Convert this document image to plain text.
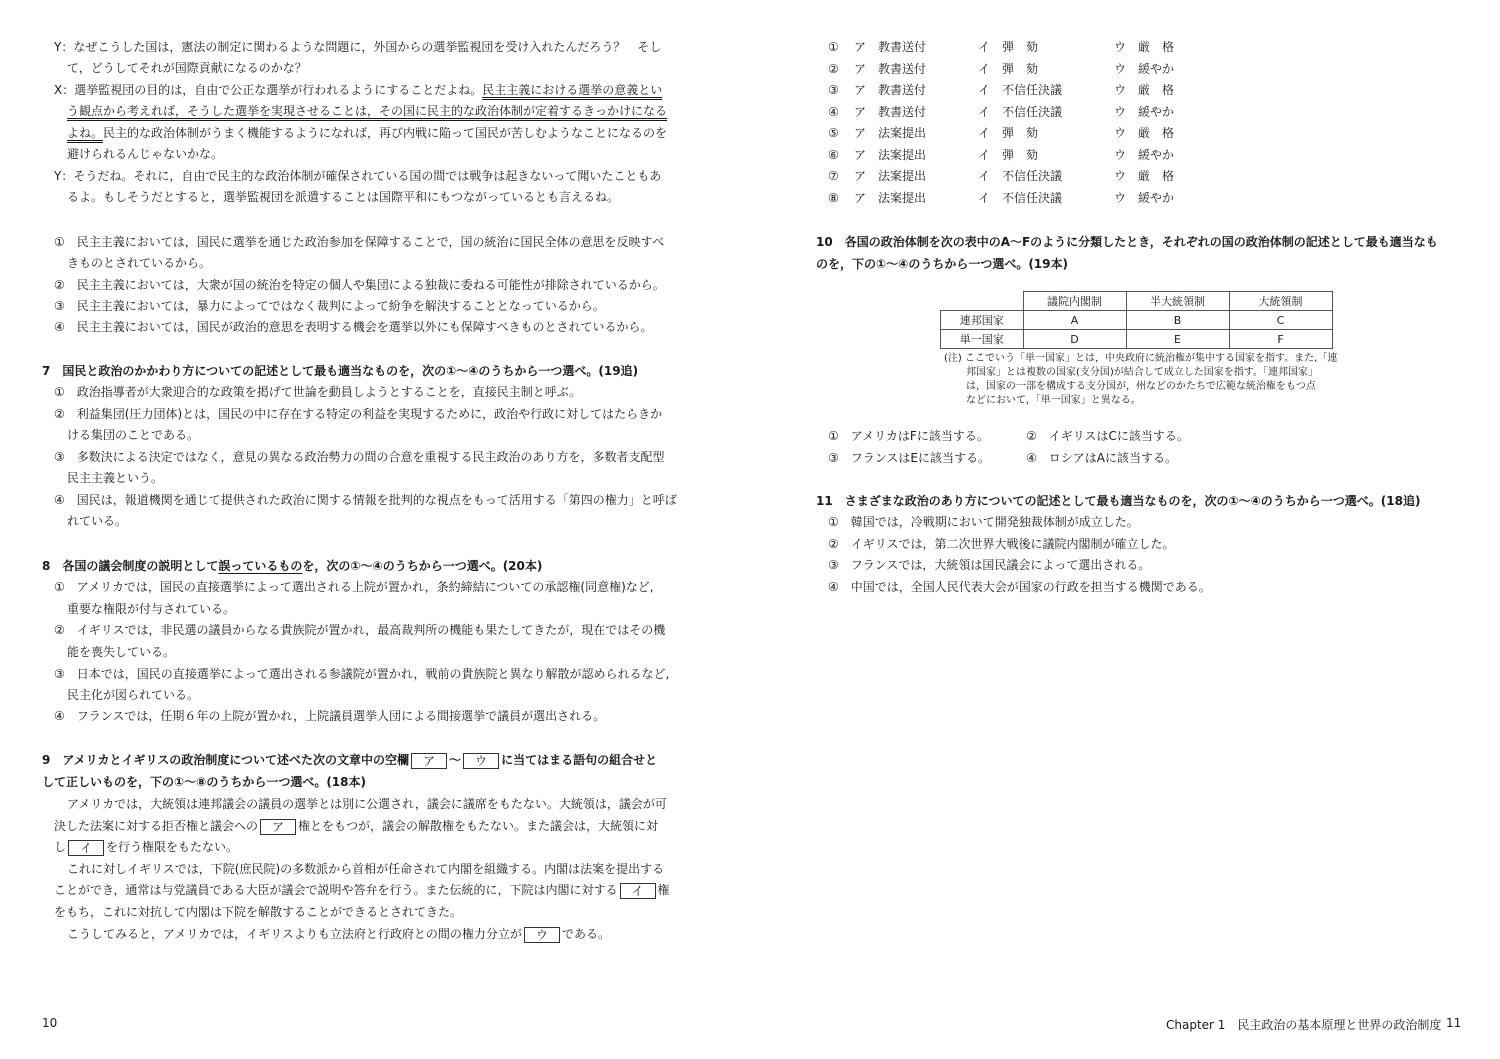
Y：なぜこうした国は，憲法の制定に関わるような問題に，外国からの選挙監視団を受け入れたんだろう？　そし
て，どうしてそれが国際貢献になるのかな？
X：選挙監視団の目的は，自由で公正な選挙が行われるようにすることだよね。民主主義における選挙の意義とい
う観点から考えれば，そうした選挙を実現させることは，その国に民主的な政治体制が定着するきっかけになる
よね。民主的な政治体制がうまく機能するようになれば，再び内戦に陥って国民が苦しむようなことになるのを
避けられるんじゃないかな。
Y：そうだね。それに，自由で民主的な政治体制が確保されている国の間では戦争は起きないって聞いたこともあ
るよ。もしそうだとすると，選挙監視団を派遣することは国際平和にもつながっているとも言えるね。
①　民主主義においては，国民に選挙を通じた政治参加を保障することで，国の統治に国民全体の意思を反映すべ
きものとされているから。
②　民主主義においては，大衆が国の統治を特定の個人や集団による独裁に委ねる可能性が排除されているから。
③　民主主義においては，暴力によってではなく裁判によって紛争を解決することとなっているから。
④　民主主義においては，国民が政治的意思を表明する機会を選挙以外にも保障すべきものとされているから。
7　国民と政治のかかわり方についての記述として最も適当なものを，次の①〜④のうちから一つ選べ。(19追)
①　政治指導者が大衆迎合的な政策を掲げて世論を動員しようとすることを，直接民主制と呼ぶ。
②　利益集団(圧力団体)とは，国民の中に存在する特定の利益を実現するために，政治や行政に対してはたらきか
ける集団のことである。
③　多数決による決定ではなく，意見の異なる政治勢力の間の合意を重視する民主政治のあり方を，多数者支配型
民主主義という。
④　国民は，報道機関を通じて提供された政治に関する情報を批判的な視点をもって活用する「第四の権力」と呼ば
れている。
8　各国の議会制度の説明として誤っているものを，次の①〜④のうちから一つ選べ。(20本)
①　アメリカでは，国民の直接選挙によって選出される上院が置かれ，条約締結についての承認権(同意権)など,
重要な権限が付与されている。
②　イギリスでは，非民選の議員からなる貴族院が置かれ，最高裁判所の機能も果たしてきたが，現在ではその機
能を喪失している。
③　日本では，国民の直接選挙によって選出される参議院が置かれ，戦前の貴族院と異なり解散が認められるなど,
民主化が図られている。
④　フランスでは，任期６年の上院が置かれ，上院議員選挙人団による間接選挙で議員が選出される。
9　アメリカとイギリスの政治制度について述べた次の文章中の空欄 ア 〜 ウ に当てはまる語句の組合せと
して正しいものを，下の①〜⑧のうちから一つ選べ。(18本)
アメリカでは，大統領は連邦議会の議員の選挙とは別に公選され，議会に議席をもたない。大統領は，議会が可
決した法案に対する拒否権と議会への ア 権とをもつが，議会の解散権をもたない。また議会は，大統領に対
し イ を行う権限をもたない。
これに対しイギリスでは，下院(庶民院)の多数派から首相が任命されて内閣を組織する。内閣は法案を提出する
ことができ，通常は与党議員である大臣が議会で説明や答弁を行う。また伝統的に，下院は内閣に対する イ 権
をもち，これに対抗して内閣は下院を解散することができるとされてきた。
こうしてみると，アメリカでは，イギリスよりも立法府と行政府との間の権力分立が ウ である。
10
① ア　教書送付	イ　弾　劾	ウ　厳　格
② ア　教書送付	イ　弾　劾	ウ　緩やか
③ ア　教書送付	イ　不信任決議	ウ　厳　格
④ ア　教書送付	イ　不信任決議	ウ　緩やか
⑤ ア　法案提出	イ　弾　劾	ウ　厳　格
⑥ ア　法案提出	イ　弾　劾	ウ　緩やか
⑦ ア　法案提出	イ　不信任決議	ウ　厳　格
⑧ ア　法案提出	イ　不信任決議	ウ　緩やか
10　各国の政治体制を次の表中のA〜Fのように分類したとき，それぞれの国の政治体制の記述として最も適当なも
のを，下の①〜④のうちから一つ選べ。(19本)
	議院内閣制	半大統領制	大統領制
連邦国家	A	B	C
単一国家	D	E	F
(注) ここでいう「単一国家」とは，中央政府に統治権が集中する国家を指す。また,「連
邦国家」とは複数の国家(支分国)が結合して成立した国家を指す。「連邦国家」
は，国家の一部を構成する支分国が，州などのかたちで広範な統治権をもつ点
などにおいて，「単一国家」と異なる。
①　アメリカはFに該当する。	②　イギリスはCに該当する。
③　フランスはEに該当する。	④　ロシアはAに該当する。
11　さまざまな政治のあり方についての記述として最も適当なものを，次の①〜④のうちから一つ選べ。(18追)
①　韓国では，冷戦期において開発独裁体制が成立した。
②　イギリスでは，第二次世界大戦後に議院内閣制が確立した。
③　フランスでは，大統領は国民議会によって選出される。
④　中国では，全国人民代表大会が国家の行政を担当する機関である。
Chapter 1　民主政治の基本原理と世界の政治制度 11
